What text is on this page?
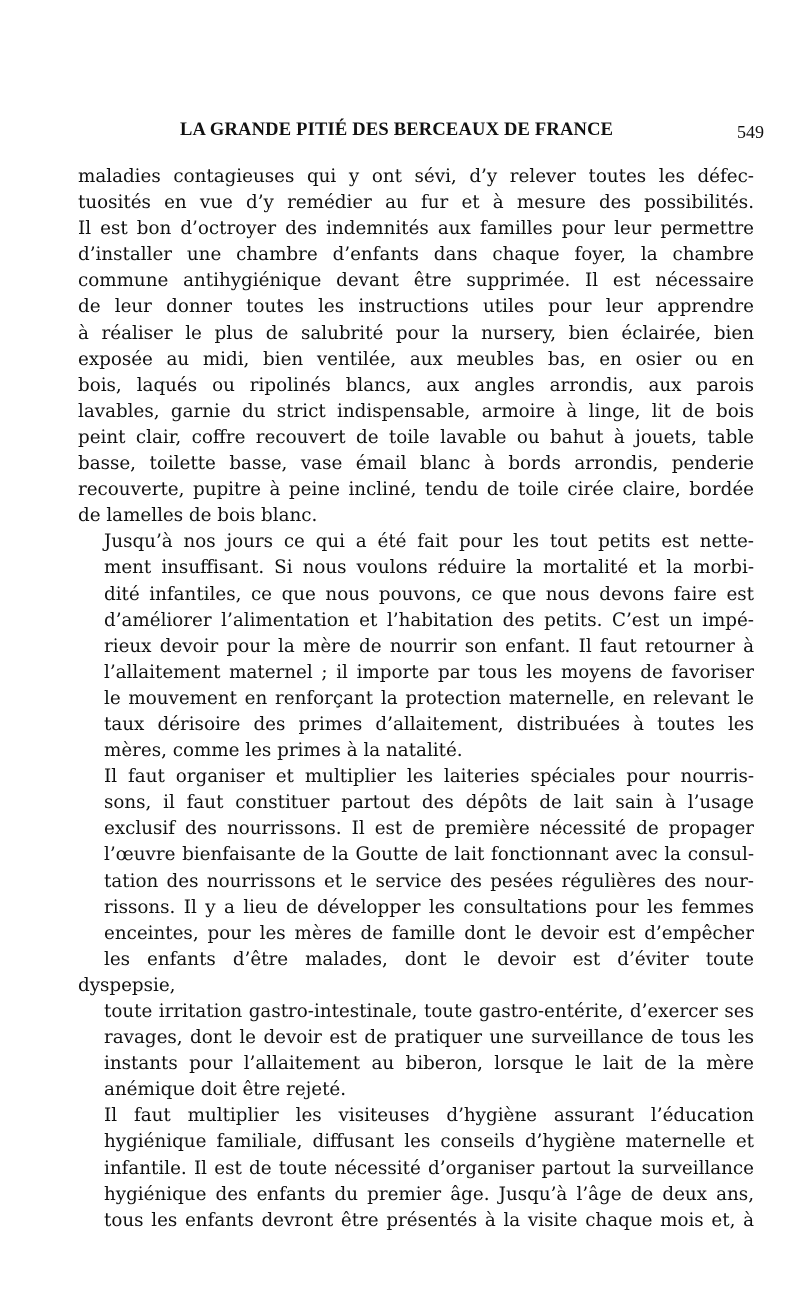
LA GRANDE PITIÉ DES BERCEAUX DE FRANCE	549

maladies contagieuses qui y ont sévi, d’y relever toutes les défec-
tuosités en vue d’y remédier au fur et à mesure des possibilités.
Il est bon d’octroyer des indemnités aux familles pour leur permettre
d’installer une chambre d’enfants dans chaque foyer, la chambre
commune antihygiénique devant être supprimée. Il est nécessaire
de leur donner toutes les instructions utiles pour leur apprendre
à réaliser le plus de salubrité pour la nursery, bien éclairée, bien
exposée au midi, bien ventilée, aux meubles bas, en osier ou en
bois, laqués ou ripolinés blancs, aux angles arrondis, aux parois
lavables, garnie du strict indispensable, armoire à linge, lit de bois
peint clair, coffre recouvert de toile lavable ou bahut à jouets, table
basse, toilette basse, vase émail blanc à bords arrondis, penderie
recouverte, pupitre à peine incliné, tendu de toile cirée claire, bordée
de lamelles de bois blanc.

Jusqu’à nos jours ce qui a été fait pour les tout petits est nette-
ment insuffisant. Si nous voulons réduire la mortalité et la morbi-
dité infantiles, ce que nous pouvons, ce que nous devons faire est
d’améliorer l’alimentation et l’habitation des petits. C’est un impé-
rieux devoir pour la mère de nourrir son enfant. Il faut retourner à
l’allaitement maternel ; il importe par tous les moyens de favoriser
le mouvement en renforçant la protection maternelle, en relevant le
taux dérisoire des primes d’allaitement, distribuées à toutes les
mères, comme les primes à la natalité.

Il faut organiser et multiplier les laiteries spéciales pour nourris-
sons, il faut constituer partout des dépôts de lait sain à l’usage
exclusif des nourrissons. Il est de première nécessité de propager
l’œuvre bienfaisante de la Goutte de lait fonctionnant avec la consul-
tation des nourrissons et le service des pesées régulières des nour-
rissons. Il y a lieu de développer les consultations pour les femmes
enceintes, pour les mères de famille dont le devoir est d’empêcher
les enfants d’être malades, dont le devoir est d’éviter toute dyspepsie,
toute irritation gastro-intestinale, toute gastro-entérite, d’exercer ses
ravages, dont le devoir est de pratiquer une surveillance de tous les
instants pour l’allaitement au biberon, lorsque le lait de la mère
anémique doit être rejeté.

Il faut multiplier les visiteuses d’hygiène assurant l’éducation
hygiénique familiale, diffusant les conseils d’hygiène maternelle et
infantile. Il est de toute nécessité d’organiser partout la surveillance
hygiénique des enfants du premier âge. Jusqu’à l’âge de deux ans,
tous les enfants devront être présentés à la visite chaque mois et, à
